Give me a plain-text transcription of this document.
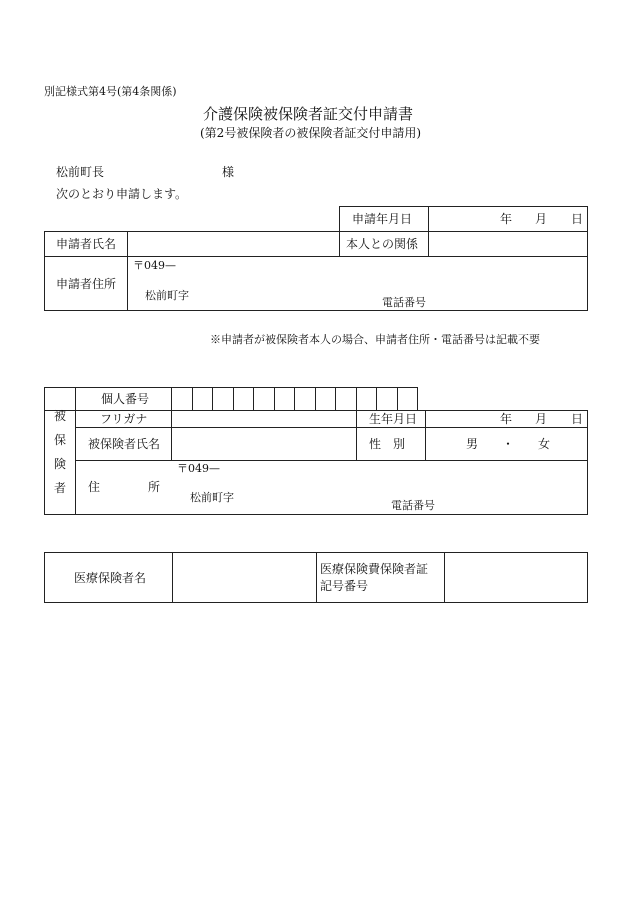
別記様式第4号(第4条関係)
介護保険被保険者証交付申請書
(第2号被保険者の被保険者証交付申請用)
松前町長	様
次のとおり申請します。
申請年月日	年 月 日
申請者氏名	本人との関係
申請者住所
〒049—
松前町字
電話番号
※申請者が被保険者本人の場合、申請者住所・電話番号は記載不要
被
保
険
者
個人番号
フリガナ	生年月日	年 月 日
被保険者氏名	性　別	男 ・ 女
住	所
〒049—
松前町字
電話番号
医療保険者名
医療保険費保険者証
記号番号
